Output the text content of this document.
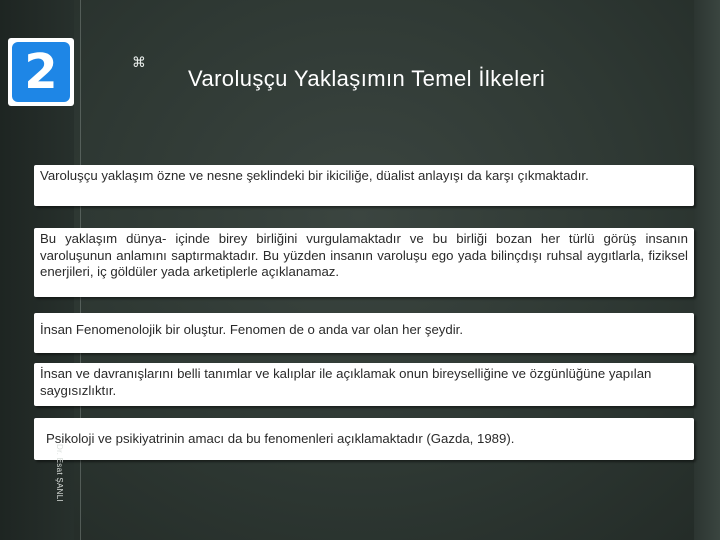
2	⌘
Varoluşçu Yaklaşımın Temel İlkeleri
Varoluşçu yaklaşım özne ve nesne şeklindeki bir ikiciliğe, düalist anlayışı da karşı çıkmaktadır.
Bu yaklaşım dünya- içinde birey birliğini vurgulamaktadır ve bu birliği bozan her türlü görüş insanın varoluşunun anlamını saptırmaktadır. Bu yüzden insanın varoluşu ego yada bilinçdışı ruhsal aygıtlarla, fiziksel enerjileri, iç göldüler yada arketiplerle açıklanamaz.
İnsan Fenomenolojik bir oluştur. Fenomen de o anda var olan her şeydir.
İnsan ve davranışlarını belli tanımlar ve kalıplar ile açıklamak onun bireyselliğine ve özgünlüğüne yapılan saygısızlıktır.
Psikoloji ve psikiyatrinin amacı da bu fenomenleri açıklamaktadır (Gazda, 1989).
Dr. Esat ŞANLI
